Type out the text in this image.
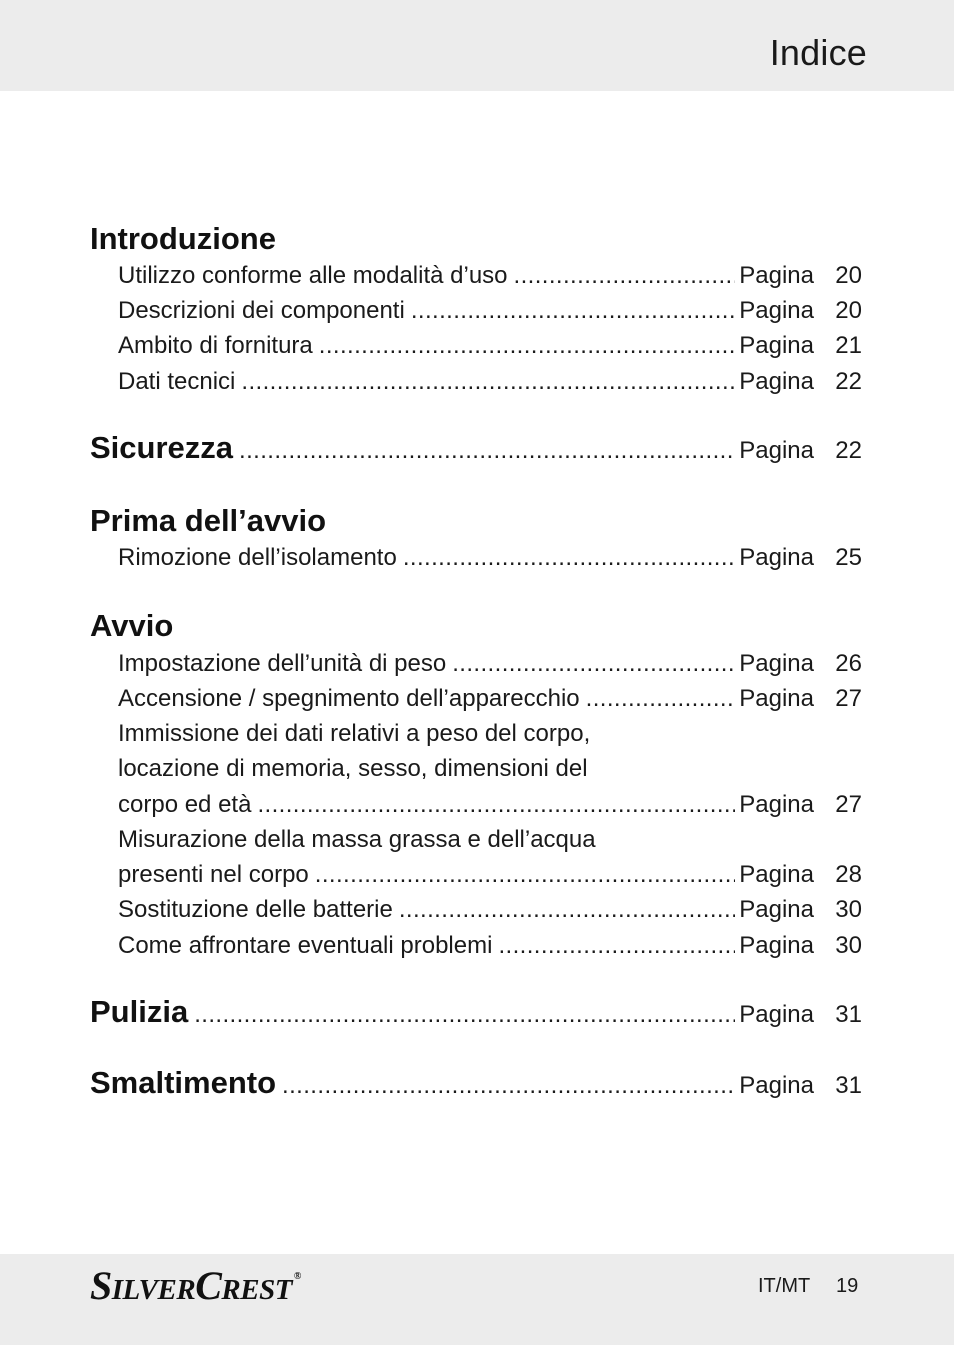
Indice
Introduzione
Utilizzo conforme alle modalità d’uso .....	Pagina 20
Descrizioni dei componenti .....	Pagina 20
Ambito di fornitura .....	Pagina 21
Dati tecnici .....	Pagina 22
Sicurezza .....	Pagina 22
Prima dell’avvio
Rimozione dell’isolamento .....	Pagina 25
Avvio
Impostazione dell’unità di peso .....	Pagina 26
Accensione / spegnimento dell’apparecchio .....	Pagina 27
Immissione dei dati relativi a peso del corpo,
locazione di memoria, sesso, dimensioni del
corpo ed età .....	Pagina 27
Misurazione della massa grassa e dell’acqua
presenti nel corpo .....	Pagina 28
Sostituzione delle batterie .....	Pagina 30
Come affrontare eventuali problemi .....	Pagina 30
Pulizia .....	Pagina 31
Smaltimento .....	Pagina 31
SILVERCREST ®	IT/MT 19
